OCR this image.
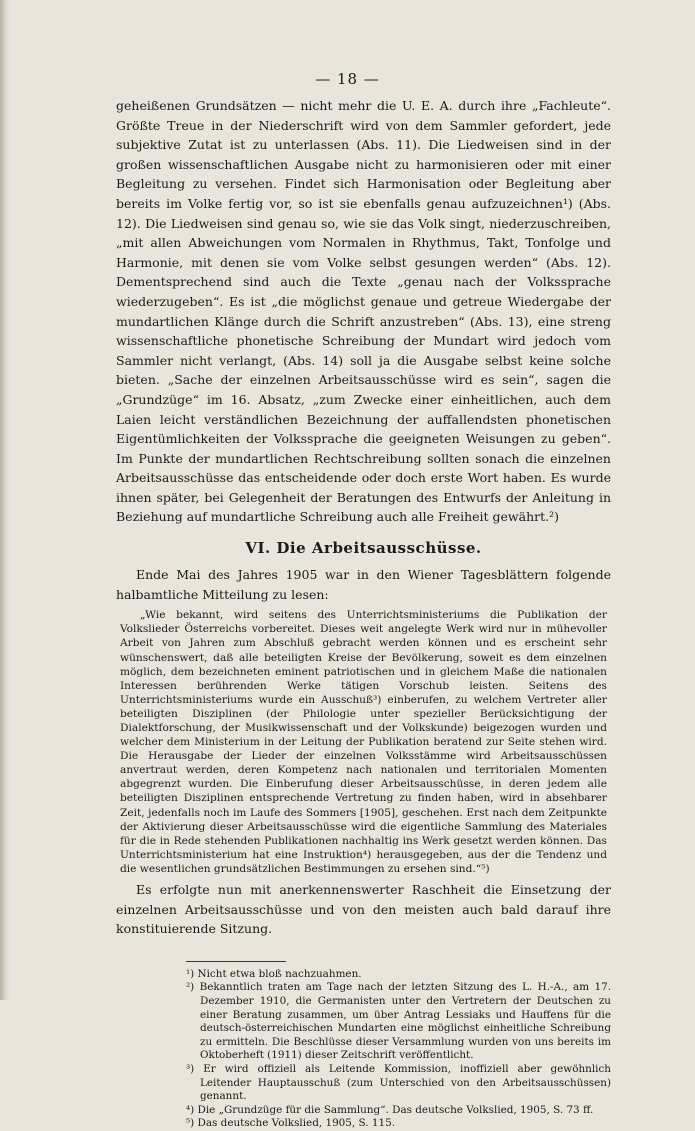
— 18 —

geheißenen Grundsätzen — nicht mehr die U. E. A. durch ihre „Fachleute“. Größte Treue in der Niederschrift wird von dem Sammler gefordert, jede subjektive Zutat ist zu unterlassen (Abs. 11). Die Liedweisen sind in der großen wissenschaftlichen Ausgabe nicht zu harmonisieren oder mit einer Begleitung zu versehen. Findet sich Harmonisation oder Begleitung aber bereits im Volke fertig vor, so ist sie ebenfalls genau aufzuzeichnen¹) (Abs. 12). Die Liedweisen sind genau so, wie sie das Volk singt, niederzuschreiben, „mit allen Abweichungen vom Normalen in Rhythmus, Takt, Tonfolge und Harmonie, mit denen sie vom Volke selbst gesungen werden“ (Abs. 12). Dementsprechend sind auch die Texte „genau nach der Volkssprache wiederzugeben“. Es ist „die möglichst genaue und getreue Wiedergabe der mundartlichen Klänge durch die Schrift anzustreben“ (Abs. 13), eine streng wissenschaftliche phonetische Schreibung der Mundart wird jedoch vom Sammler nicht verlangt, (Abs. 14) soll ja die Ausgabe selbst keine solche bieten. „Sache der einzelnen Arbeitsausschüsse wird es sein“, sagen die „Grundzüge“ im 16. Absatz, „zum Zwecke einer einheitlichen, auch dem Laien leicht verständlichen Bezeichnung der auffallendsten phonetischen Eigentümlichkeiten der Volkssprache die geeigneten Weisungen zu geben“. Im Punkte der mundartlichen Rechtschreibung sollten sonach die einzelnen Arbeitsausschüsse das entscheidende oder doch erste Wort haben. Es wurde ihnen später, bei Gelegenheit der Beratungen des Entwurfs der Anleitung in Beziehung auf mundartliche Schreibung auch alle Freiheit gewährt.²)

VI. Die Arbeitsausschüsse.

Ende Mai des Jahres 1905 war in den Wiener Tagesblättern folgende halbamtliche Mitteilung zu lesen:

„Wie bekannt, wird seitens des Unterrichtsministeriums die Publikation der Volkslieder Österreichs vorbereitet. Dieses weit angelegte Werk wird nur in mühevoller Arbeit von Jahren zum Abschluß gebracht werden können und es erscheint sehr wünschenswert, daß alle beteiligten Kreise der Bevölkerung, soweit es dem einzelnen möglich, dem bezeichneten eminent patriotischen und in gleichem Maße die nationalen Interessen berührenden Werke tätigen Vorschub leisten. Seitens des Unterrichtsministeriums wurde ein Ausschuß³) einberufen, zu welchem Vertreter aller beteiligten Disziplinen (der Philologie unter spezieller Berücksichtigung der Dialektforschung, der Musikwissenschaft und der Volkskunde) beigezogen wurden und welcher dem Ministerium in der Leitung der Publikation beratend zur Seite stehen wird. Die Herausgabe der Lieder der einzelnen Volksstämme wird Arbeitsausschüssen anvertraut werden, deren Kompetenz nach nationalen und territorialen Momenten abgegrenzt wurden. Die Einberufung dieser Arbeitsausschüsse, in deren jedem alle beteiligten Disziplinen entsprechende Vertretung zu finden haben, wird in absehbarer Zeit, jedenfalls noch im Laufe des Sommers [1905], geschehen. Erst nach dem Zeitpunkte der Aktivierung dieser Arbeitsausschüsse wird die eigentliche Sammlung des Materiales für die in Rede stehenden Publikationen nachhaltig ins Werk gesetzt werden können. Das Unterrichtsministerium hat eine Instruktion⁴) herausgegeben, aus der die Tendenz und die wesentlichen grundsätzlichen Bestimmungen zu ersehen sind.“⁵)

Es erfolgte nun mit anerkennenswerter Raschheit die Einsetzung der einzelnen Arbeitsausschüsse und von den meisten auch bald darauf ihre konstituierende Sitzung.

¹) Nicht etwa bloß nachzuahmen.

²) Bekanntlich traten am Tage nach der letzten Sitzung des L. H.-A., am 17. Dezember 1910, die Germanisten unter den Vertretern der Deutschen zu einer Beratung zusammen, um über Antrag Lessiaks und Hauffens für die deutsch-österreichischen Mundarten eine möglichst einheitliche Schreibung zu ermitteln. Die Beschlüsse dieser Versammlung wurden von uns bereits im Oktoberheft (1911) dieser Zeitschrift veröffentlicht.

³) Er wird offiziell als Leitende Kommission, inoffiziell aber gewöhnlich Leitender Hauptausschuß (zum Unterschied von den Arbeitsausschüssen) genannt.

⁴) Die „Grundzüge für die Sammlung“. Das deutsche Volkslied, 1905, S. 73 ff.

⁵) Das deutsche Volkslied, 1905, S. 115.
